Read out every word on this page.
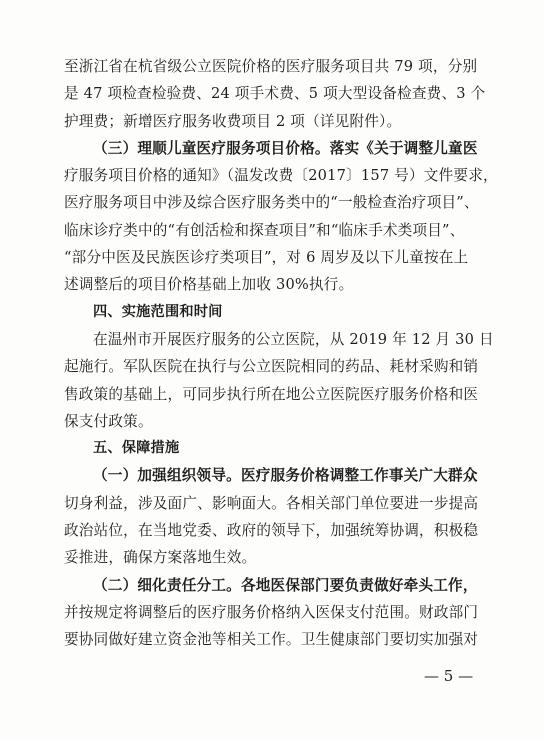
至浙江省在杭省级公立医院价格的医疗服务项目共 79 项，分别
是 47 项检查检验费、24 项手术费、5 项大型设备检查费、3 个
护理费；新增医疗服务收费项目 2 项（详见附件）。
（三）理顺儿童医疗服务项目价格。落实《关于调整儿童医
疗服务项目价格的通知》（温发改费〔2017〕157 号）文件要求，
医疗服务项目中涉及综合医疗服务类中的“一般检查治疗项目”、
临床诊疗类中的“有创活检和探查项目”和“临床手术类项目”、
“部分中医及民族医诊疗类项目”，对 6 周岁及以下儿童按在上
述调整后的项目价格基础上加收 30%执行。
四、实施范围和时间
在温州市开展医疗服务的公立医院，从 2019 年 12 月 30 日
起施行。军队医院在执行与公立医院相同的药品、耗材采购和销
售政策的基础上，可同步执行所在地公立医院医疗服务价格和医
保支付政策。
五、保障措施
（一）加强组织领导。医疗服务价格调整工作事关广大群众
切身利益，涉及面广、影响面大。各相关部门单位要进一步提高
政治站位，在当地党委、政府的领导下，加强统筹协调，积极稳
妥推进，确保方案落地生效。
（二）细化责任分工。各地医保部门要负责做好牵头工作，
并按规定将调整后的医疗服务价格纳入医保支付范围。财政部门
要协同做好建立资金池等相关工作。卫生健康部门要切实加强对
— 5 —
